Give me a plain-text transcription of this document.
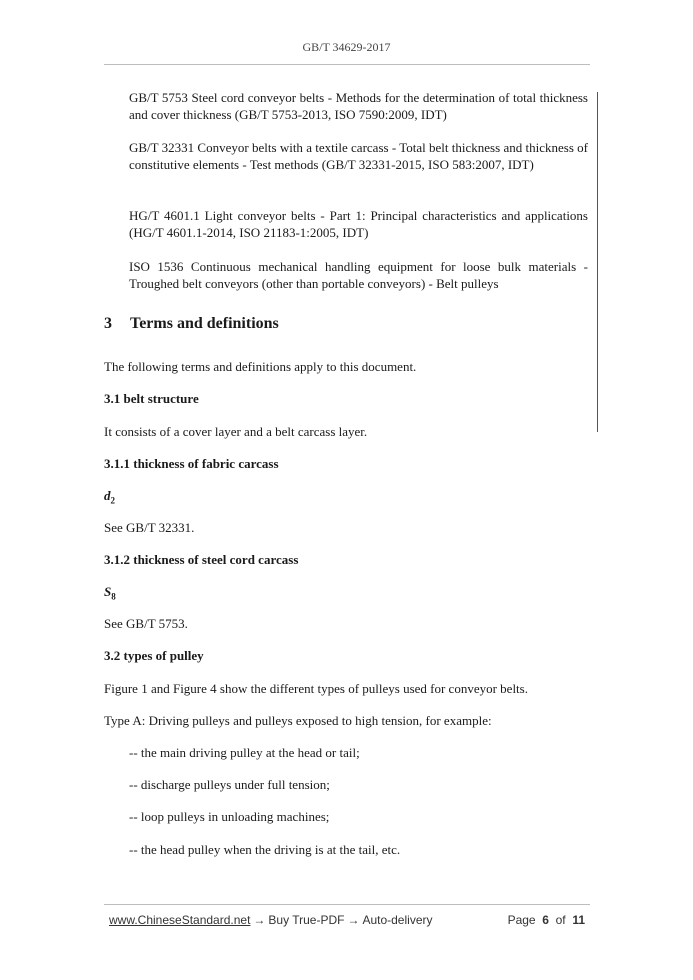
GB/T 34629-2017

GB/T 5753 Steel cord conveyor belts - Methods for the determination of total thickness and cover thickness (GB/T 5753-2013, ISO 7590:2009, IDT)

GB/T 32331 Conveyor belts with a textile carcass - Total belt thickness and thickness of constitutive elements - Test methods (GB/T 32331-2015, ISO 583:2007, IDT)

HG/T 4601.1 Light conveyor belts - Part 1: Principal characteristics and applications (HG/T 4601.1-2014, ISO 21183-1:2005, IDT)

ISO 1536 Continuous mechanical handling equipment for loose bulk materials - Troughed belt conveyors (other than portable conveyors) - Belt pulleys

3 Terms and definitions

The following terms and definitions apply to this document.

3.1 belt structure

It consists of a cover layer and a belt carcass layer.

3.1.1 thickness of fabric carcass

$d_2$

See GB/T 32331.

3.1.2 thickness of steel cord carcass

$S_8$

See GB/T 5753.

3.2 types of pulley

Figure 1 and Figure 4 show the different types of pulleys used for conveyor belts.

Type A: Driving pulleys and pulleys exposed to high tension, for example:

-- the main driving pulley at the head or tail;

-- discharge pulleys under full tension;

-- loop pulleys in unloading machines;

-- the head pulley when the driving is at the tail, etc.

www.ChineseStandard.net → Buy True-PDF → Auto-delivery	Page 6 of 11
